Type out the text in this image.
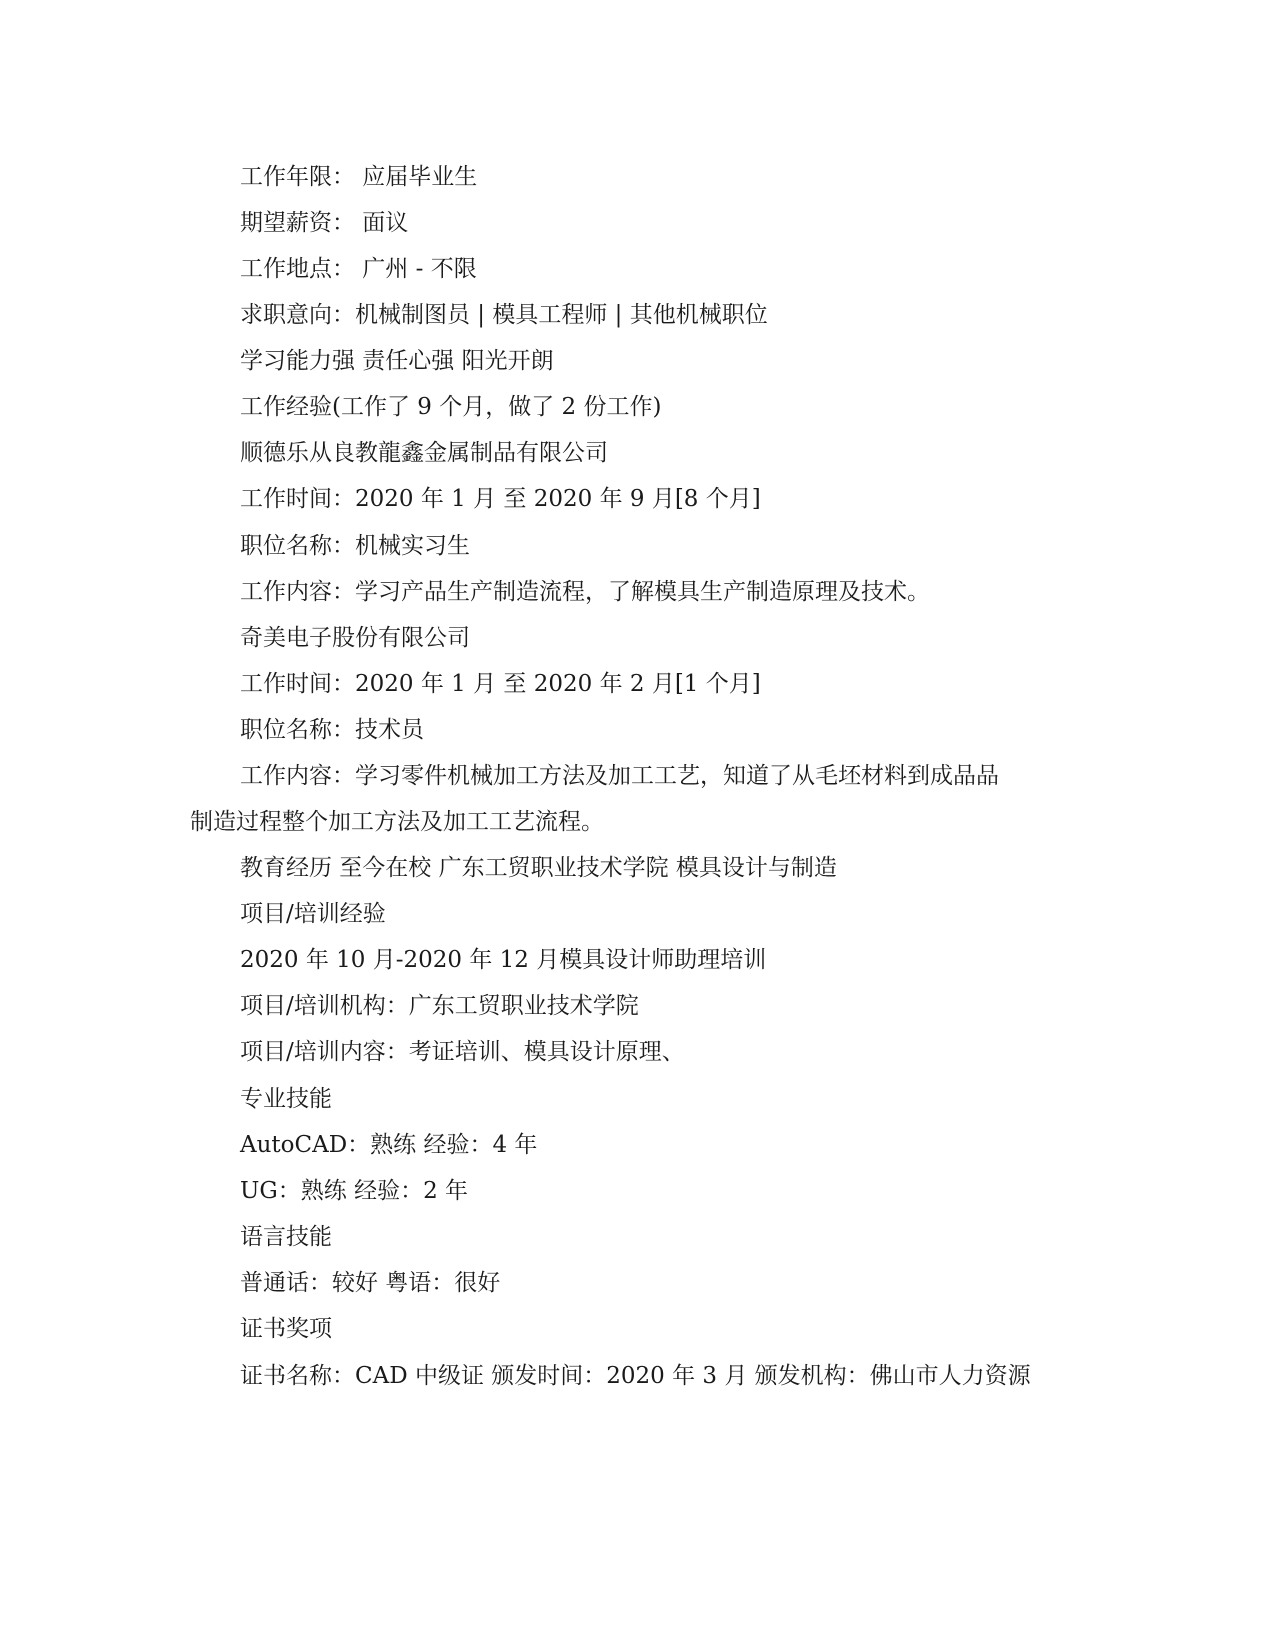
工作年限： 应届毕业生
期望薪资： 面议
工作地点： 广州 - 不限
求职意向：机械制图员 | 模具工程师 | 其他机械职位
学习能力强 责任心强 阳光开朗
工作经验(工作了 9 个月，做了 2 份工作)
顺德乐从良教龍鑫金属制品有限公司
工作时间：2020 年 1 月 至 2020 年 9 月[8 个月]
职位名称：机械实习生
工作内容：学习产品生产制造流程，了解模具生产制造原理及技术。
奇美电子股份有限公司
工作时间：2020 年 1 月 至 2020 年 2 月[1 个月]
职位名称：技术员
工作内容：学习零件机械加工方法及加工工艺，知道了从毛坯材料到成品品
制造过程整个加工方法及加工工艺流程。
教育经历 至今在校 广东工贸职业技术学院 模具设计与制造
项目/培训经验
2020 年 10 月-2020 年 12 月模具设计师助理培训
项目/培训机构：广东工贸职业技术学院
项目/培训内容：考证培训、模具设计原理、
专业技能
AutoCAD：熟练 经验：4 年
UG：熟练 经验：2 年
语言技能
普通话：较好 粤语：很好
证书奖项
证书名称：CAD 中级证 颁发时间：2020 年 3 月 颁发机构：佛山市人力资源
